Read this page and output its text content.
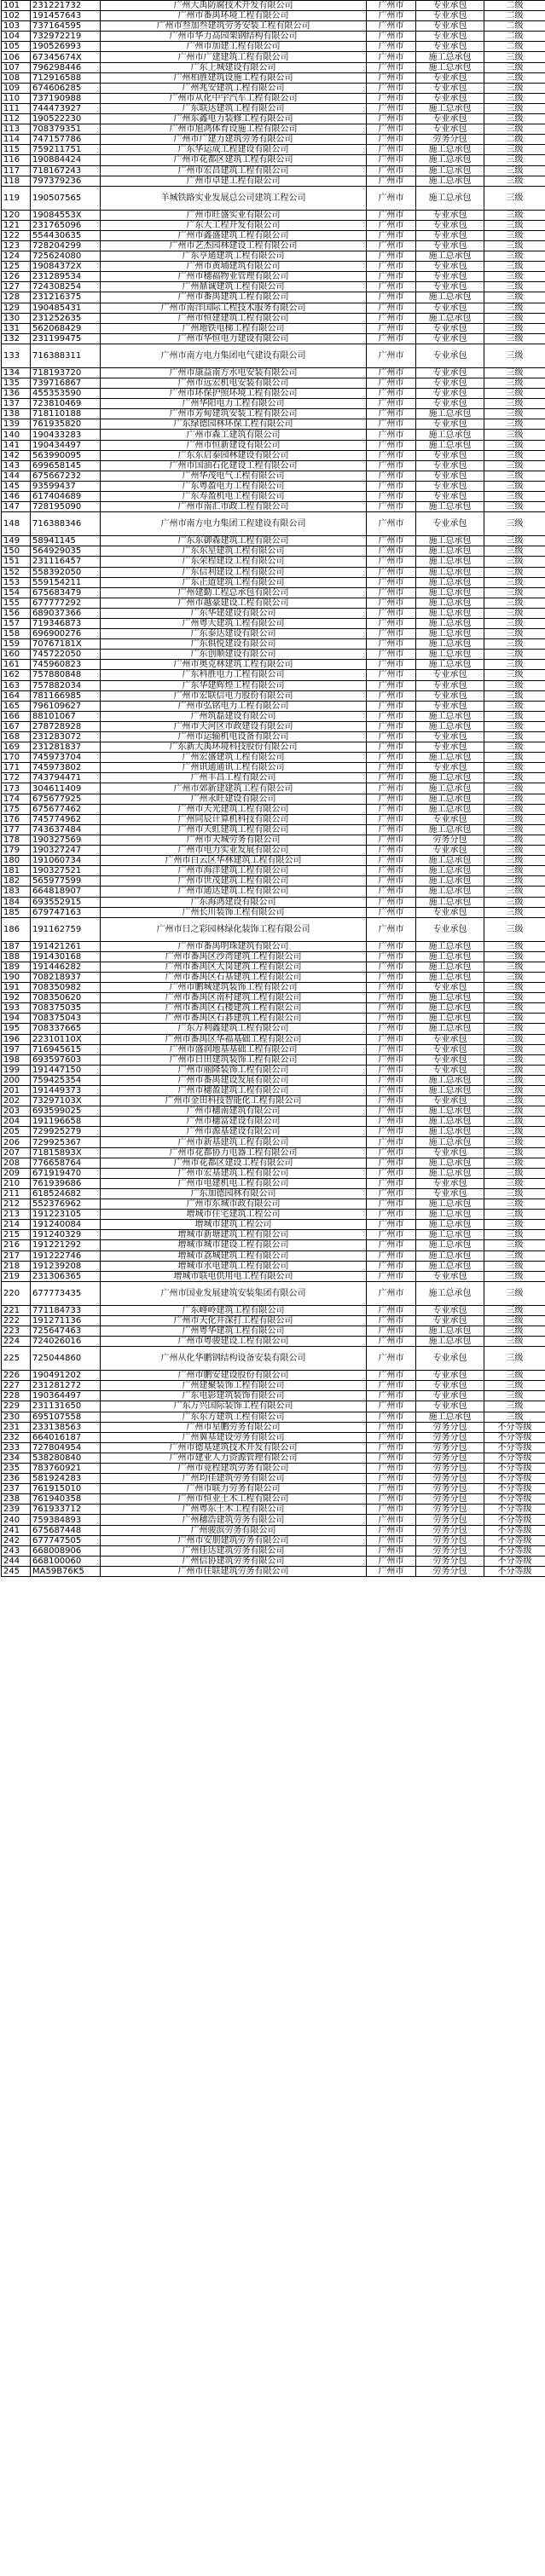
101	231221732	广州大禹防腐技术开发有限公司	广州市	专业承包	二级
102	191457643	广州市番禺环境工程有限公司	广州市	专业承包	二级
103	737164595	广州市叁加叁建筑劳务安装工程有限公司	广州市	专业承包	二级
104	732972219	广州市华力高园架钢结构有限公司	广州市	专业承包	二级
105	190526993	广州市加建工程有限公司	广州市	专业承包	二级
106	67345674X	广州市广建建筑工程有限公司	广州市	施工总承包	三级
107	796298446	广东上城建设有限公司	广州市	施工总承包	三级
108	712916588	广州柏胜建筑设施工程有限公司	广州市	专业承包	三级
109	674606285	广州兆安建筑工程有限公司	广州市	专业承包	三级
110	737190988	广州市从化中宇汽车工程有限公司	广州市	专业承包	三级
111	744473927	广东联达建筑工程有限公司	广州市	施工总承包	三级
112	190522230	广州东鑫电力装修工程有限公司	广州市	专业承包	三级
113	708379351	广州市旭鸿体育设施工程有限公司	广州市	专业承包	三级
114	747157786	广州市广建力建筑劳务有限公司	广州市	劳务分包	二级
115	759211751	广东华运成工程建设有限公司	广州市	施工总承包	三级
116	190884424	广州市花都区建筑工程有限公司	广州市	施工总承包	三级
117	718167243	广州市宏昌建筑工程有限公司	广州市	施工总承包	三级
118	797379236	广州市卓建工程有限公司	广州市	施工总承包	三级
119	190507565	羊城铁路实业发展总公司建筑工程公司	广州市	施工总承包	三级
120	19084553X	广州市旺盛实业有限公司	广州市	专业承包	三级
121	231765096	广东大工程开发有限公司	广州市	专业承包	三级
122	554430635	广州市鑫盛建筑工程有限公司	广州市	专业承包	三级
123	728204299	广州市艺杰园林建设工程有限公司	广州市	专业承包	三级
124	725624080	广东亨通建筑工程有限公司	广州市	施工总承包	三级
125	19084372X	广州市黄埔建筑有限公司	广州市	专业承包	三级
126	231289534	广州市穗福物业管理有限公司	广州市	专业承包	三级
127	724308254	广州鼎诚建筑工程有限公司	广州市	专业承包	三级
128	231216375	广州市番禺建筑工程有限公司	广州市	施工总承包	三级
129	190485431	广州市南洋国际工程技术服务有限公司	广州市	专业承包	三级
130	231252635	广州市恒建建筑工程有限公司	广州市	施工总承包	三级
131	562068429	广州地铁电梯工程有限公司	广州市	专业承包	三级
132	231199475	广州市华恒电力建设有限公司	广州市	专业承包	三级
133	716388311	广州市南方电力集团电气建设有限公司	广州市	专业承包	三级
134	718193720	广州市康益南方水电安装有限公司	广州市	专业承包	三级
135	739716867	广州市远宏机电安装有限公司	广州市	专业承包	三级
136	455353590	广州市环保护照环境工程有限公司	广州市	专业承包	三级
137	723810469	广州华阳电力工程有限公司	广州市	专业承包	三级
138	718110188	广州市芳甸建筑安装工程有限公司	广州市	施工总承包	三级
139	761935820	广东绿德园林环保工程有限公司	广州市	专业承包	三级
140	190433283	广州市森工建筑有限公司	广州市	施工总承包	三级
141	190434497	广州市恒新建设有限公司	广州市	施工总承包	三级
142	563990095	广东东启泰园林建设有限公司	广州市	专业承包	三级
143	699658145	广州市国油石化建设工程有限公司	广州市	专业承包	三级
144	675667232	广州华茂电气工程有限公司	广州市	专业承包	三级
145	93599437	广东粤盈电力工程有限公司	广州市	专业承包	三级
146	617404689	广东寿盈机电工程有限公司	广州市	专业承包	三级
147	728195090	广州市南汇市政工程有限公司	广州市	施工总承包	三级
148	716388346	广州市南方电力集团工程建设有限公司	广州市	专业承包	三级
149	58941145	广东东御森建筑工程有限公司	广州市	施工总承包	三级
150	564929035	广东东星建筑工程有限公司	广州市	施工总承包	三级
151	231116457	广东荣程建设工程有限公司	广州市	施工总承包	三级
152	558392050	广东信利建设工程有限公司	广州市	施工总承包	三级
153	559154211	广东正道建筑工程有限公司	广州市	施工总承包	三级
154	675683479	广州建勤工程总承包有限公司	广州市	施工总承包	三级
155	677777292	广州市越豪建设工程有限公司	广州市	施工总承包	三级
156	689037366	广东华建建设有限公司	广州市	施工总承包	三级
157	719346873	广州粤大建筑工程有限公司	广州市	施工总承包	三级
158	696900276	广东泰达建设有限公司	广州市	施工总承包	三级
159	70767181X	广东俱悦建设有限公司	广州市	施工总承包	三级
160	745722050	广东创顺建设有限公司	广州市	施工总承包	三级
161	745960823	广州市奥克林建筑工程有限公司	广州市	施工总承包	三级
162	757880848	广东科胜电力工程有限公司	广州市	专业承包	三级
163	757882034	广东华建辉煌工程有限公司	广州市	专业承包	三级
164	781166985	广州市宏联信电力股份有限公司	广州市	专业承包	三级
165	796109627	广州市弘铭电力工程有限公司	广州市	专业承包	三级
166	88101067	广州筑磊建设有限公司	广州市	施工总承包	三级
167	278728928	广州市天河区市政建设有限公司	广州市	施工总承包	三级
168	231283072	广州市运输机电设备有限公司	广州市	专业承包	三级
169	231281837	广东新大禹环境科技股份有限公司	广州市	专业承包	三级
170	745973704	广州宏盛建筑工程有限公司	广州市	施工总承包	三级
171	745973802	广州讯通通讯工程有限公司	广州市	专业承包	三级
172	743794471	广州丰昌工程有限公司	广州市	施工总承包	三级
173	304611409	广州市郊新建建筑工程有限公司	广州市	施工总承包	三级
174	675677925	广州永旺建设有限公司	广州市	施工总承包	三级
175	675677462	广州市天光建筑工程有限公司	广州市	施工总承包	三级
176	745774962	广州同辰计算机科技有限公司	广州市	专业承包	三级
177	743637484	广州市天虹建筑工程有限公司	广州市	施工总承包	三级
178	190327569	广州市天城劳务有限公司	广州市	劳务分包	二级
179	190327247	广州市电力实业发展有限公司	广州市	专业承包	三级
180	191060734	广州市白云区华林建筑工程有限公司	广州市	施工总承包	三级
181	190327521	广州市海洋建筑工程有限公司	广州市	施工总承包	三级
182	565977599	广州市世茂建筑工程有限公司	广州市	施工总承包	三级
183	664818907	广州市通达建筑工程有限公司	广州市	施工总承包	三级
184	693552915	广东海鸿建设有限公司	广州市	施工总承包	三级
185	679747163	广州长川装饰工程有限公司	广州市	专业承包	三级
186	191162759	广州市日之彩园林绿化装饰工程有限公司	广州市	专业承包	三级
187	191421261	广州市番禺明珠建筑有限公司	广州市	施工总承包	三级
188	191430168	广州市番禺区沙湾建筑工程有限公司	广州市	施工总承包	三级
189	191446282	广州市番禺区大岗建筑工程有限公司	广州市	施工总承包	三级
190	708218937	广州市番禺区石基建筑工程有限公司	广州市	施工总承包	三级
191	708350982	广州市鹏城建筑装饰工程有限公司	广州市	专业承包	三级
192	708350620	广州市番禺区南村建筑工程有限公司	广州市	施工总承包	三级
193	708375035	广州市番禺区石楼建筑工程有限公司	广州市	施工总承包	三级
194	708375043	广州市番禺区石碁建筑工程有限公司	广州市	施工总承包	三级
195	708337665	广东万利鑫建筑工程有限公司	广州市	施工总承包	三级
196	22310110X	广州市番禺区华福基础工程有限公司	广州市	专业承包	三级
197	716945615	广州市盛润地基基础工程有限公司	广州市	专业承包	三级
198	693597603	广州市日田建筑装饰工程有限公司	广州市	专业承包	三级
199	191447150	广州市丽隆装饰工程有限公司	广州市	专业承包	三级
200	759425354	广州市番禺建设发展有限公司	广州市	施工总承包	三级
201	191449373	广州市穗盈建筑工程有限公司	广州市	施工总承包	三级
202	73297103X	广州市金田科技智能化工程有限公司	广州市	专业承包	三级
203	693599025	广州市穗南建筑有限公司	广州市	施工总承包	三级
204	191196658	广州市穗富建设有限公司	广州市	施工总承包	三级
205	729925279	广州市源基建设有限公司	广州市	施工总承包	三级
206	729925367	广州市新基建筑工程有限公司	广州市	施工总承包	三级
207	71815893X	广州市花都协力电器工程有限公司	广州市	专业承包	三级
208	776658764	广州市花都区建设工程有限公司	广州市	施工总承包	三级
209	671919470	广州市宏基建筑工程有限公司	广州市	施工总承包	三级
210	761939686	广州市电建机电工程有限公司	广州市	专业承包	三级
211	618524682	广东加德园林有限公司	广州市	专业承包	三级
212	552376962	广州市东城市政有限公司	广州市	施工总承包	三级
213	191223105	增城市住宅建筑工程公司	广州市	施工总承包	三级
214	191240084	增城市建筑工程公司	广州市	施工总承包	三级
215	191240329	增城市新塘建筑工程有限公司	广州市	施工总承包	三级
216	191221292	增城市城市建设工程有限公司	广州市	施工总承包	三级
217	191222746	增城市荔城建筑工程有限公司	广州市	施工总承包	三级
218	191239208	增城市水电建筑工程有限公司	广州市	施工总承包	三级
219	231306365	增城市联电供用电工程有限公司	广州市	专业承包	三级
220	677773435	广州市国业发展建筑安装集团有限公司	广州市	施工总承包	三级
221	771184733	广东峰岭建筑工程有限公司	广州市	专业承包	三级
222	191271136	广州市天化井深打工程有限公司	广州市	专业承包	三级
223	725647463	广州粤华建筑工程有限公司	广州市	施工总承包	三级
224	724026016	广州市粤骏建设工程有限公司	广州市	施工总承包	三级
225	725044860	广州从化华鹏钢结构设备安装有限公司	广州市	专业承包	三级
226	190491202	广州市鹏安建设股份有限公司	广州市	专业承包	三级
227	231281272	广州建聚装饰工程有限公司	广州市	专业承包	三级
228	190364497	广东电影建筑装饰有限公司	广州市	专业承包	三级
229	231131650	广东万兴国际装饰工程有限公司	广州市	专业承包	三级
230	695107558	广东东方建筑工程有限公司	广州市	施工总承包	三级
231	233138563	广州市星鹏劳务有限公司	广州市	劳务分包	不分等级
232	664016187	广州翼基建设劳务有限公司	广州市	劳务分包	不分等级
233	727804954	广州市德基建筑技术开发有限公司	广州市	劳务分包	不分等级
234	538280840	广州市建业人力资源管理有限公司	广州市	劳务分包	不分等级
235	783760921	广州市竟程建筑劳务有限公司	广州市	劳务分包	不分等级
236	581924283	广州均佳建筑劳务有限公司	广州市	劳务分包	不分等级
237	761915010	广州市联力劳务有限公司	广州市	劳务分包	不分等级
238	761940358	广州市恒业土木工程有限公司	广州市	劳务分包	不分等级
239	761933712	广州粤东土木工程有限公司	广州市	劳务分包	不分等级
240	759384893	广州穗浩建筑劳务有限公司	广州市	劳务分包	不分等级
241	675687448	广州骏滨劳务有限公司	广州市	劳务分包	不分等级
242	677747505	广州市安朋建筑劳务有限公司	广州市	劳务分包	不分等级
243	668008906	广州佳达建筑劳务有限公司	广州市	劳务分包	不分等级
244	668100060	广州信协建筑劳务有限公司	广州市	劳务分包	不分等级
245	MA59B76K5	广州市住联建筑劳务有限公司	广州市	劳务分包	不分等级
